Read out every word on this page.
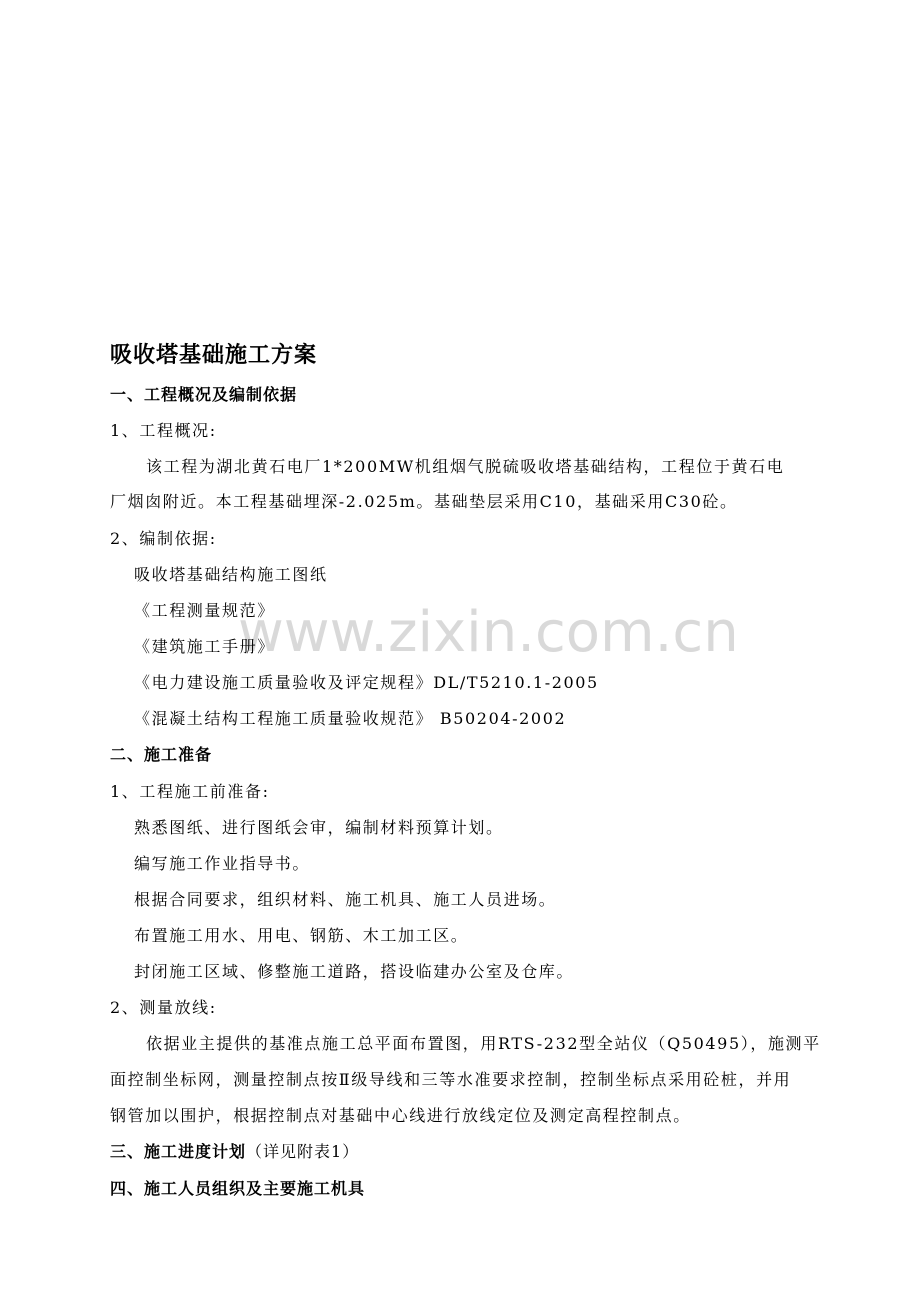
www.zixin.com.cn
吸收塔基础施工方案
一、工程概况及编制依据
1、工程概况:
该工程为湖北黄石电厂1*200MW机组烟气脱硫吸收塔基础结构，工程位于黄石电
厂烟囱附近。本工程基础埋深-2.025m。基础垫层采用C10，基础采用C30砼。
2、编制依据:
吸收塔基础结构施工图纸
《工程测量规范》
《建筑施工手册》
《电力建设施工质量验收及评定规程》DL/T5210.1-2005
《混凝土结构工程施工质量验收规范》 B50204-2002
二、施工准备
1、工程施工前准备:
熟悉图纸、进行图纸会审，编制材料预算计划。
编写施工作业指导书。
根据合同要求，组织材料、施工机具、施工人员进场。
布置施工用水、用电、钢筋、木工加工区。
封闭施工区域、修整施工道路，搭设临建办公室及仓库。
2、测量放线:
依据业主提供的基准点施工总平面布置图，用RTS-232型全站仪（Q50495），施测平
面控制坐标网，测量控制点按Ⅱ级导线和三等水准要求控制，控制坐标点采用砼桩，并用
钢管加以围护，根据控制点对基础中心线进行放线定位及测定高程控制点。
三、施工进度计划（详见附表1）
四、施工人员组织及主要施工机具
